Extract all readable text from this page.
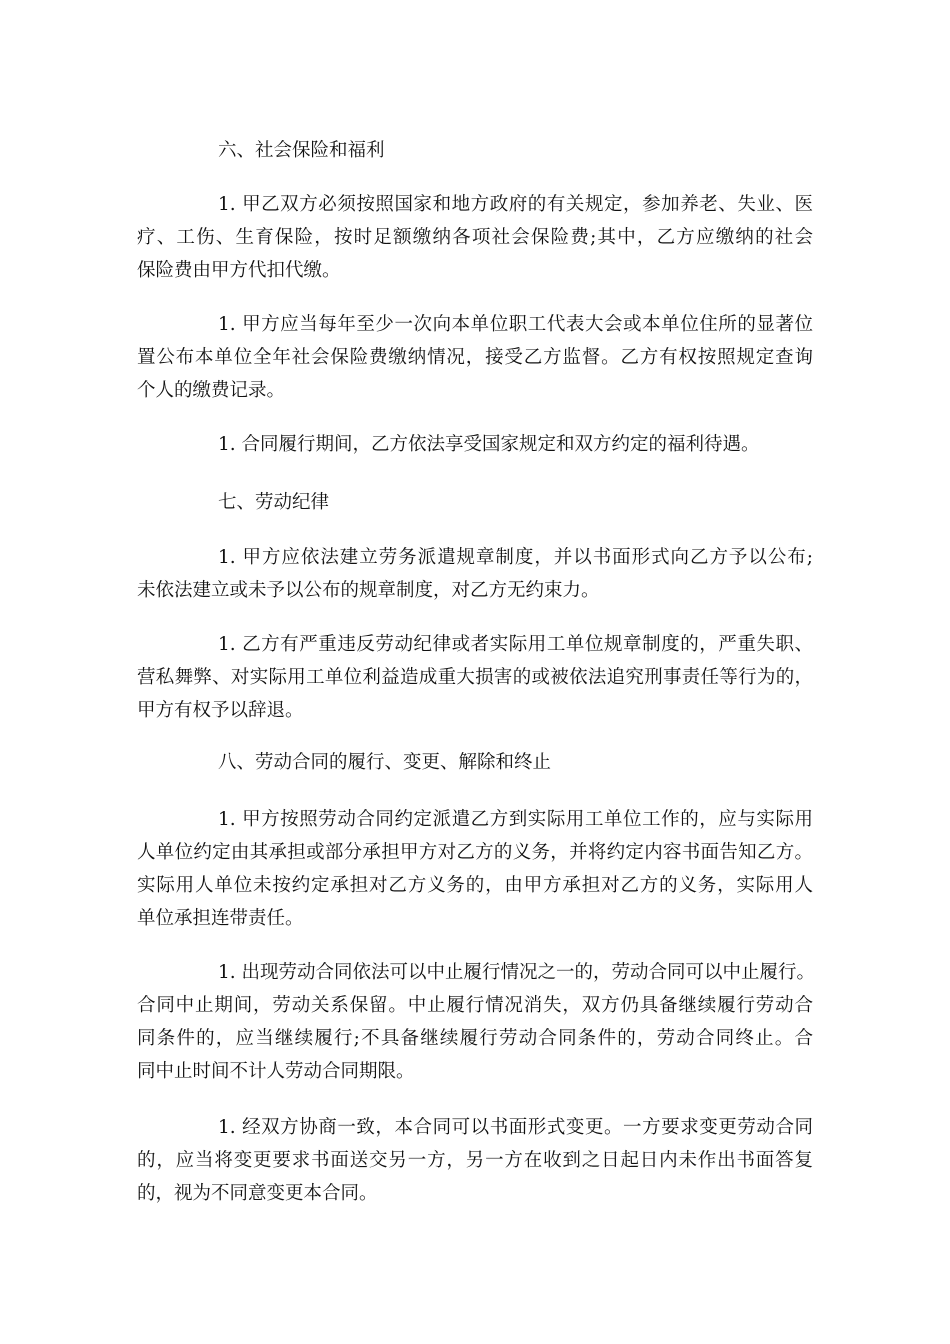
六、社会保险和福利
1. 甲乙双方必须按照国家和地方政府的有关规定，参加养老、失业、医
疗、工伤、生育保险，按时足额缴纳各项社会保险费;其中，乙方应缴纳的社会
保险费由甲方代扣代缴。
1. 甲方应当每年至少一次向本单位职工代表大会或本单位住所的显著位
置公布本单位全年社会保险费缴纳情况，接受乙方监督。乙方有权按照规定查询
个人的缴费记录。
1. 合同履行期间，乙方依法享受国家规定和双方约定的福利待遇。
七、劳动纪律
1. 甲方应依法建立劳务派遣规章制度，并以书面形式向乙方予以公布;
未依法建立或未予以公布的规章制度，对乙方无约束力。
1. 乙方有严重违反劳动纪律或者实际用工单位规章制度的，严重失职、
营私舞弊、对实际用工单位利益造成重大损害的或被依法追究刑事责任等行为的，
甲方有权予以辞退。
八、劳动合同的履行、变更、解除和终止
1. 甲方按照劳动合同约定派遣乙方到实际用工单位工作的，应与实际用
人单位约定由其承担或部分承担甲方对乙方的义务，并将约定内容书面告知乙方。
实际用人单位未按约定承担对乙方义务的，由甲方承担对乙方的义务，实际用人
单位承担连带责任。
1. 出现劳动合同依法可以中止履行情况之一的，劳动合同可以中止履行。
合同中止期间，劳动关系保留。中止履行情况消失，双方仍具备继续履行劳动合
同条件的，应当继续履行;不具备继续履行劳动合同条件的，劳动合同终止。合
同中止时间不计人劳动合同期限。
1. 经双方协商一致，本合同可以书面形式变更。一方要求变更劳动合同
的，应当将变更要求书面送交另一方，另一方在收到之日起日内未作出书面答复
的，视为不同意变更本合同。
